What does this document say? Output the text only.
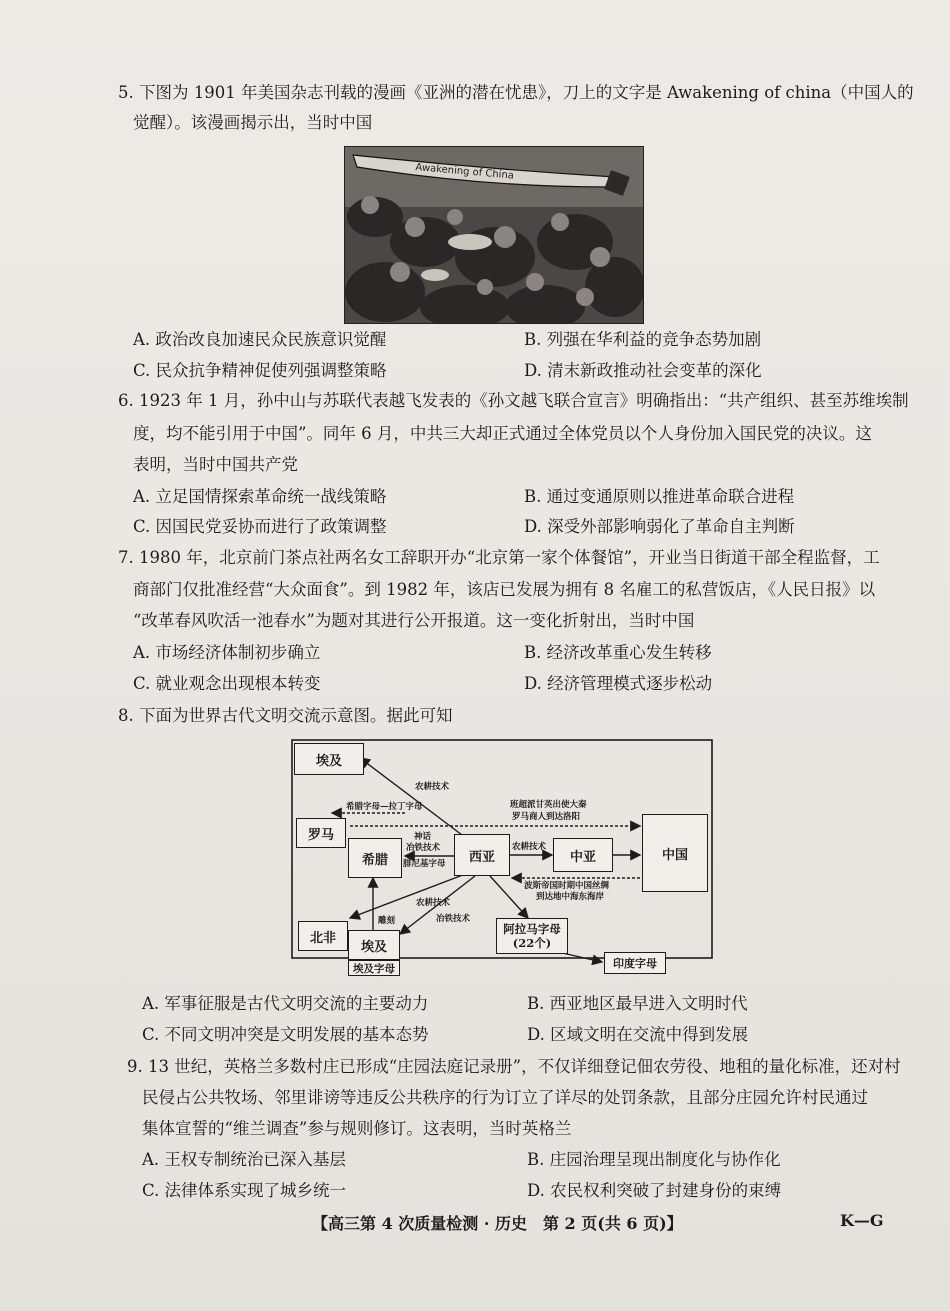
5. 下图为 1901 年美国杂志刊载的漫画《亚洲的潜在忧患》，刀上的文字是 Awakening of china（中国人的
觉醒）。该漫画揭示出，当时中国
Awakening of China
A. 政治改良加速民众民族意识觉醒	B. 列强在华利益的竞争态势加剧
C. 民众抗争精神促使列强调整策略	D. 清末新政推动社会变革的深化
6. 1923 年 1 月，孙中山与苏联代表越飞发表的《孙文越飞联合宣言》明确指出：“共产组织、甚至苏维埃制
度，均不能引用于中国”。同年 6 月，中共三大却正式通过全体党员以个人身份加入国民党的决议。这
表明，当时中国共产党
A. 立足国情探索革命统一战线策略	B. 通过变通原则以推进革命联合进程
C. 因国民党妥协而进行了政策调整	D. 深受外部影响弱化了革命自主判断
7. 1980 年，北京前门茶点社两名女工辞职开办“北京第一家个体餐馆”，开业当日街道干部全程监督，工
商部门仅批准经营“大众面食”。到 1982 年，该店已发展为拥有 8 名雇工的私营饭店，《人民日报》以
“改革春风吹活一池春水”为题对其进行公开报道。这一变化折射出，当时中国
A. 市场经济体制初步确立	B. 经济改革重心发生转移
C. 就业观念出现根本转变	D. 经济管理模式逐步松动
8. 下面为世界古代文明交流示意图。据此可知
埃及
罗马
希腊	西亚	中亚	中国
北非
埃及
埃及字母
阿拉马字母
(22个)
印度字母
农耕技术
希腊字母—拉丁字母	班超派甘英出使大秦
罗马商人到达洛阳
神话
冶铁技术
腓尼基字母
农耕技术
波斯帝国时期中国丝绸
到达地中海东海岸
农耕技术
雕刻	冶铁技术
A. 军事征服是古代文明交流的主要动力	B. 西亚地区最早进入文明时代
C. 不同文明冲突是文明发展的基本态势	D. 区域文明在交流中得到发展
9. 13 世纪，英格兰多数村庄已形成“庄园法庭记录册”，不仅详细登记佃农劳役、地租的量化标准，还对村
民侵占公共牧场、邻里诽谤等违反公共秩序的行为订立了详尽的处罚条款，且部分庄园允许村民通过
集体宣誓的“维兰调查”参与规则修订。这表明，当时英格兰
A. 王权专制统治已深入基层	B. 庄园治理呈现出制度化与协作化
C. 法律体系实现了城乡统一	D. 农民权利突破了封建身份的束缚
【高三第 4 次质量检测 · 历史　第 2 页(共 6 页)】	K—G
